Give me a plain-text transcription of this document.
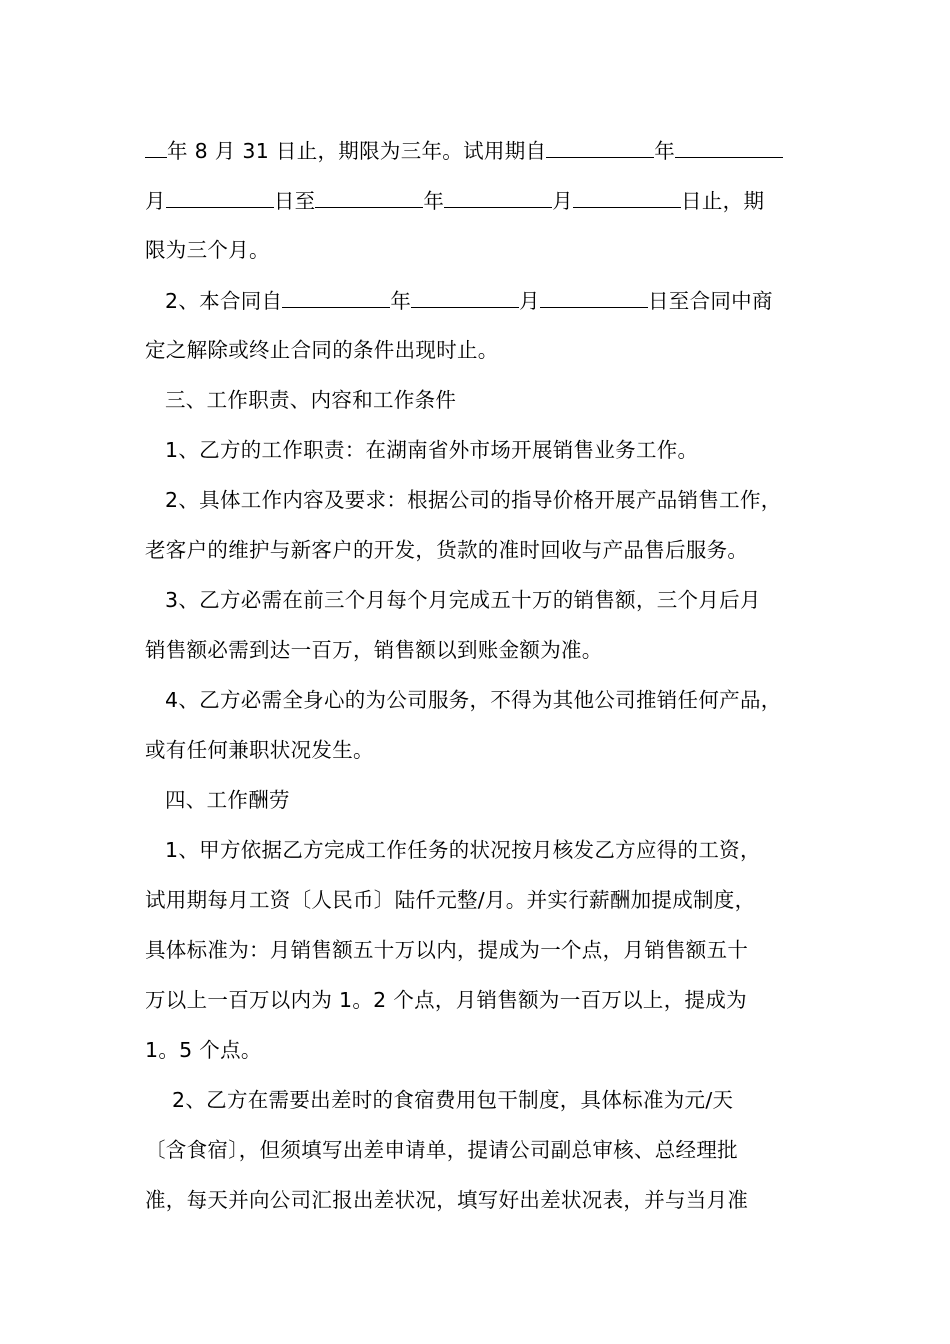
年 8 月 31 日止，期限为三年。试用期自	年
月	日至	年	月	日止，期
限为三个月。
2、本合同自	年	月	日至合同中商
定之解除或终止合同的条件出现时止。
三、工作职责、内容和工作条件
1、乙方的工作职责：在湖南省外市场开展销售业务工作。
2、具体工作内容及要求：根据公司的指导价格开展产品销售工作，
老客户的维护与新客户的开发，货款的准时回收与产品售后服务。
3、乙方必需在前三个月每个月完成五十万的销售额，三个月后月
销售额必需到达一百万，销售额以到账金额为准。
4、乙方必需全身心的为公司服务，不得为其他公司推销任何产品，
或有任何兼职状况发生。
四、工作酬劳
1、甲方依据乙方完成工作任务的状况按月核发乙方应得的工资，
试用期每月工资〔人民币〕陆仟元整/月。并实行薪酬加提成制度，
具体标准为：月销售额五十万以内，提成为一个点，月销售额五十
万以上一百万以内为 1。2 个点，月销售额为一百万以上，提成为
1。5 个点。
2、乙方在需要出差时的食宿费用包干制度，具体标准为元/天
〔含食宿〕，但须填写出差申请单，提请公司副总审核、总经理批
准，每天并向公司汇报出差状况，填写好出差状况表，并与当月准
